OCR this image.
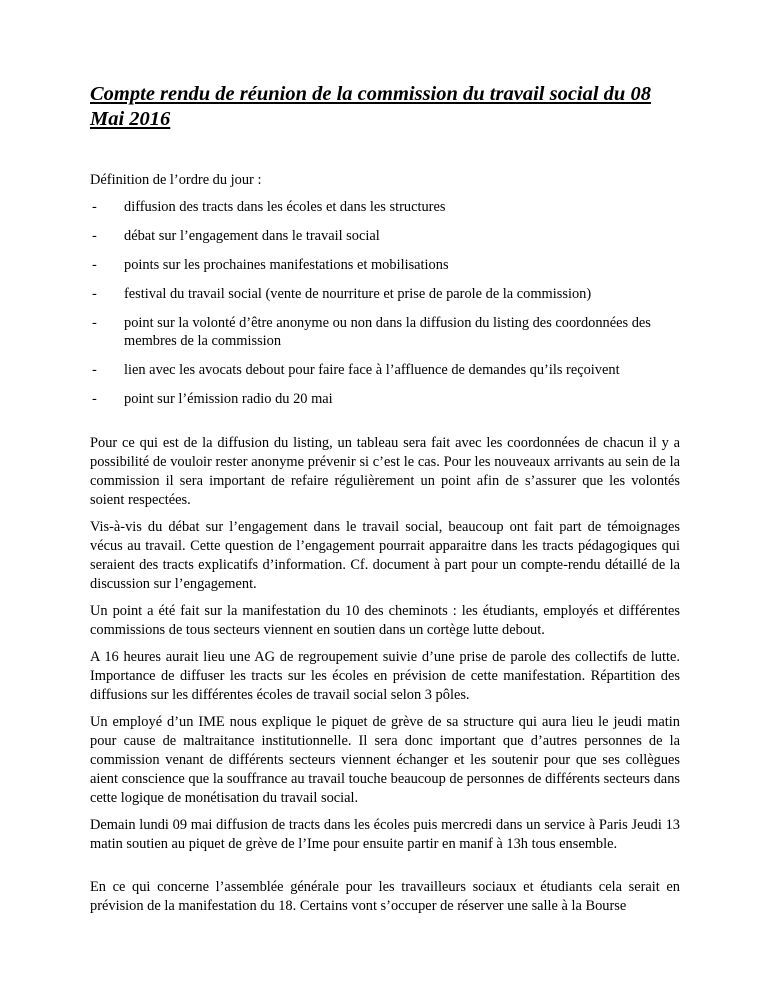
Compte rendu de réunion de la commission du travail social du 08 Mai 2016

Définition de l’ordre du jour :

- diffusion des tracts dans les écoles et dans les structures
- débat sur l’engagement dans le travail social
- points sur les prochaines manifestations et mobilisations
- festival du travail social (vente de nourriture et prise de parole de la commission)
- point sur la volonté d’être anonyme ou non dans la diffusion du listing des coordonnées des membres de la commission
- lien avec les avocats debout pour faire face à l’affluence de demandes qu’ils reçoivent
- point sur l’émission radio du 20 mai

Pour ce qui est de la diffusion du listing, un tableau sera fait avec les coordonnées de chacun il y a possibilité de vouloir rester anonyme prévenir si c’est le cas. Pour les nouveaux arrivants au sein de la commission il sera important de refaire régulièrement un point afin de s’assurer que les volontés soient respectées.

Vis-à-vis du débat sur l’engagement dans le travail social, beaucoup ont fait part de témoignages vécus au travail. Cette question de l’engagement pourrait apparaitre dans les tracts pédagogiques qui seraient des tracts explicatifs d’information. Cf. document à part pour un compte-rendu détaillé de la discussion sur l’engagement.

Un point a été fait sur la manifestation du 10 des cheminots : les étudiants, employés et différentes commissions de tous secteurs viennent en soutien dans un cortège lutte debout.

A 16 heures aurait lieu une AG de regroupement suivie d’une prise de parole des collectifs de lutte. Importance de diffuser les tracts sur les écoles en prévision de cette manifestation. Répartition des diffusions sur les différentes écoles de travail social selon 3 pôles.

Un employé d’un IME nous explique le piquet de grève de sa structure qui aura lieu le jeudi matin pour cause de maltraitance institutionnelle. Il sera donc important que d’autres personnes de la commission venant de différents secteurs viennent échanger et les soutenir pour que ses collègues aient conscience que la souffrance au travail touche beaucoup de personnes de différents secteurs dans cette logique de monétisation du travail social.

Demain lundi 09 mai diffusion de tracts dans les écoles puis mercredi dans un service à Paris Jeudi 13 matin soutien au piquet de grève de l’Ime pour ensuite partir en manif à 13h tous ensemble.

En ce qui concerne l’assemblée générale pour les travailleurs sociaux et étudiants cela serait en prévision de la manifestation du 18. Certains vont s’occuper de réserver une salle à la Bourse
